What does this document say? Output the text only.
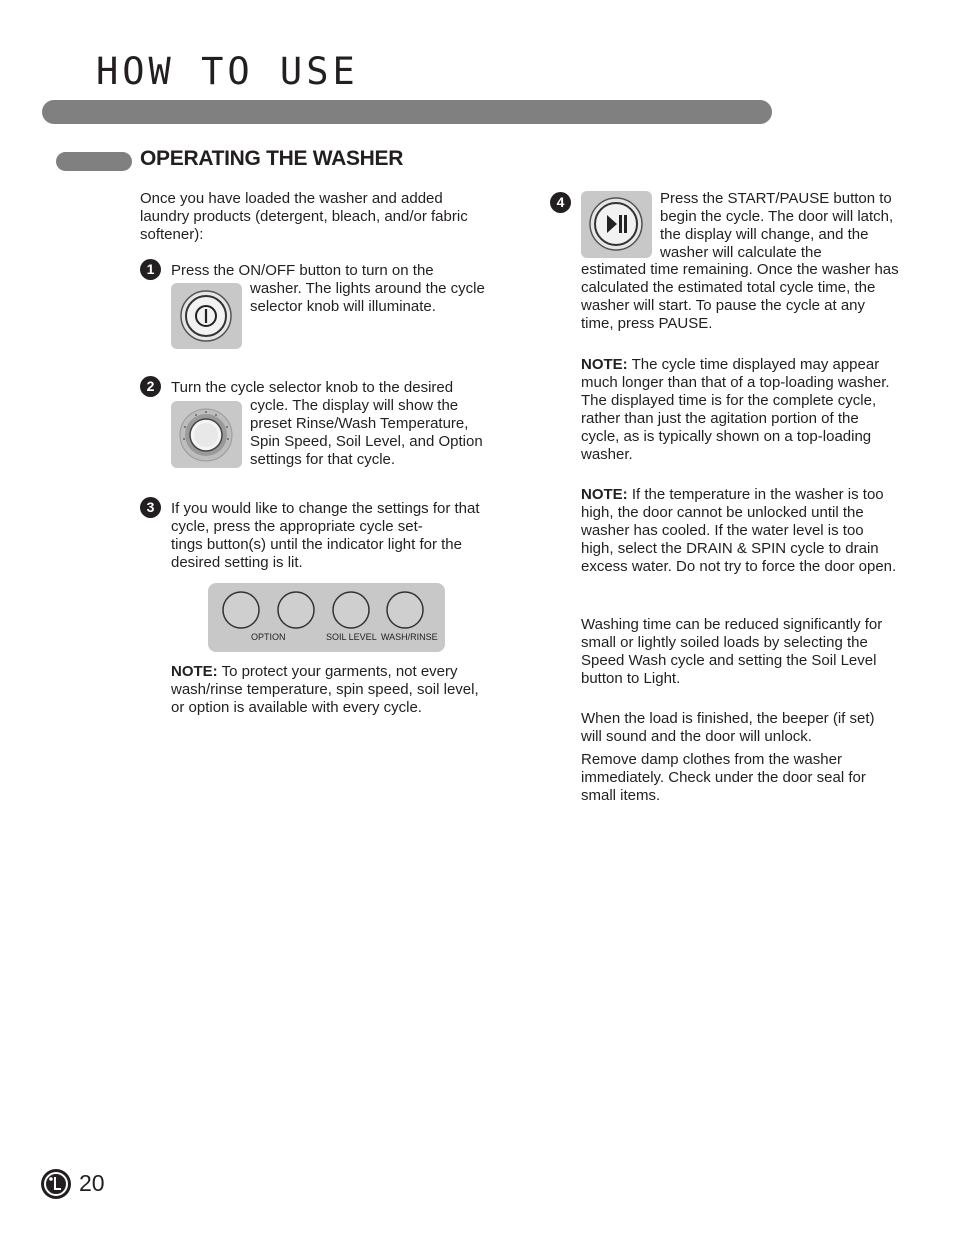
HOW TO USE
OPERATING THE WASHER
Once you have loaded the washer and added laundry products (detergent, bleach, and/or fabric softener):
1	Press the ON/OFF button to turn on the
washer. The lights around the cycle selector knob will illuminate.
2	Turn the cycle selector knob to the desired
cycle. The display will show the preset Rinse/Wash Temperature, Spin Speed, Soil Level, and Option settings for that cycle.
3	If you would like to change the settings for that cycle, press the appropriate cycle set-
tings button(s) until the indicator light for the desired setting is lit.
OPTION	SOIL LEVEL WASH/RINSE
NOTE: To protect your garments, not every wash/rinse temperature, spin speed, soil level, or option is available with every cycle.
4	Press the START/PAUSE button to begin the cycle. The door will latch, the display will change, and the washer will calculate the
estimated time remaining. Once the washer has calculated the estimated total cycle time, the washer will start. To pause the cycle at any time, press PAUSE.
NOTE: The cycle time displayed may appear much longer than that of a top-loading washer. The displayed time is for the complete cycle, rather than just the agitation portion of the cycle, as is typically shown on a top-loading washer.
NOTE: If the temperature in the washer is too high, the door cannot be unlocked until the washer has cooled. If the water level is too high, select the DRAIN & SPIN cycle to drain excess water. Do not try to force the door open.
Washing time can be reduced significantly for small or lightly soiled loads by selecting the Speed Wash cycle and setting the Soil Level button to Light.
When the load is finished, the beeper (if set) will sound and the door will unlock.
Remove damp clothes from the washer immediately. Check under the door seal for small items.
20
